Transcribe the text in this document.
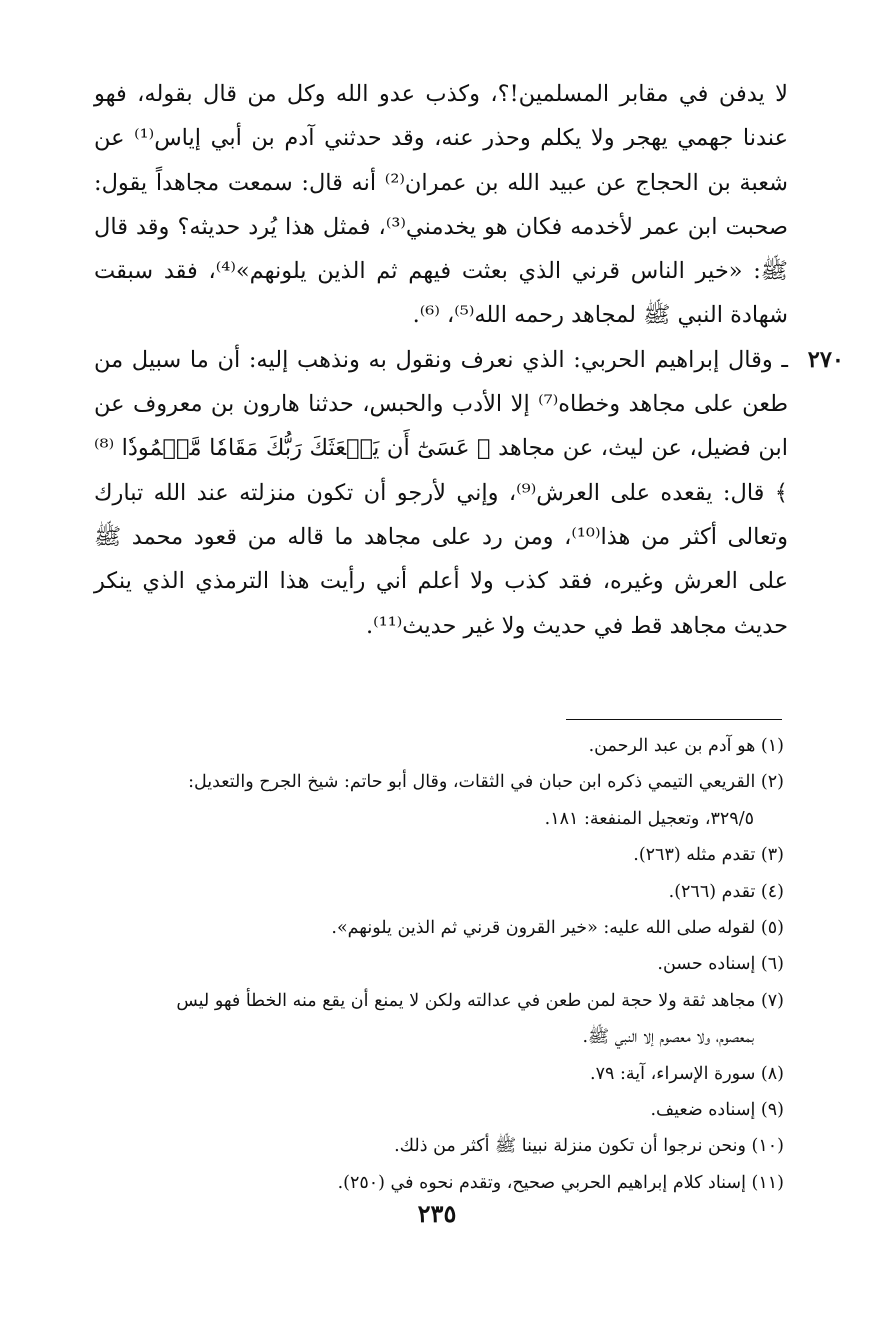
لا يدفن في مقابر المسلمين!؟، وكذب عدو الله وكل من قال بقوله، فهو عندنا جهمي يهجر ولا يكلم وحذر عنه، وقد حدثني آدم بن أبي إياس⁽¹⁾ عن شعبة بن الحجاج عن عبيد الله بن عمران⁽²⁾ أنه قال: سمعت مجاهداً يقول: صحبت ابن عمر لأخدمه فكان هو يخدمني⁽³⁾، فمثل هذا يُرد حديثه؟ وقد قال ﷺ: «خير الناس قرني الذي بعثت فيهم ثم الذين يلونهم»⁽⁴⁾، فقد سبقت شهادة النبي ﷺ لمجاهد رحمه الله⁽⁵⁾، ⁽⁶⁾.

٢٧٠
ـ وقال إبراهيم الحربي: الذي نعرف ونقول به ونذهب إليه: أن ما سبيل من طعن على مجاهد وخطاه⁽⁷⁾ إلا الأدب والحبس، حدثنا هارون بن معروف عن ابن فضيل، عن ليث، عن مجاهد ﴿ عَسَىٰٓ أَن يَبۡعَثَكَ رَبُّكَ مَقَامٗا مَّحۡمُودٗا ⁽⁸⁾ ﴾ قال: يقعده على العرش⁽⁹⁾، وإني لأرجو أن تكون منزلته عند الله تبارك وتعالى أكثر من هذا⁽¹⁰⁾، ومن رد على مجاهد ما قاله من قعود محمد ﷺ على العرش وغيره، فقد كذب ولا أعلم أني رأيت هذا الترمذي الذي ينكر حديث مجاهد قط في حديث ولا غير حديث⁽¹¹⁾.

(١) هو آدم بن عبد الرحمن.

(٢) القريعي التيمي ذكره ابن حبان في الثقات، وقال أبو حاتم: شيخ الجرح والتعديل:

٣٢٩/٥، وتعجيل المنفعة: ١٨١.

(٣) تقدم مثله (٢٦٣).

(٤) تقدم (٢٦٦).

(٥) لقوله صلى الله عليه: «خير القرون قرني ثم الذين يلونهم».

(٦) إسناده حسن.

(٧) مجاهد ثقة ولا حجة لمن طعن في عدالته ولكن لا يمنع أن يقع منه الخطأ فهو ليس

بمعصوم، ولا معصوم إلا النبي ﷺ.

(٨) سورة الإسراء، آية: ٧٩.

(٩) إسناده ضعيف.

(١٠) ونحن نرجوا أن تكون منزلة نبينا ﷺ أكثر من ذلك.

(١١) إسناد كلام إبراهيم الحربي صحيح، وتقدم نحوه في (٢٥٠).

٢٣٥
